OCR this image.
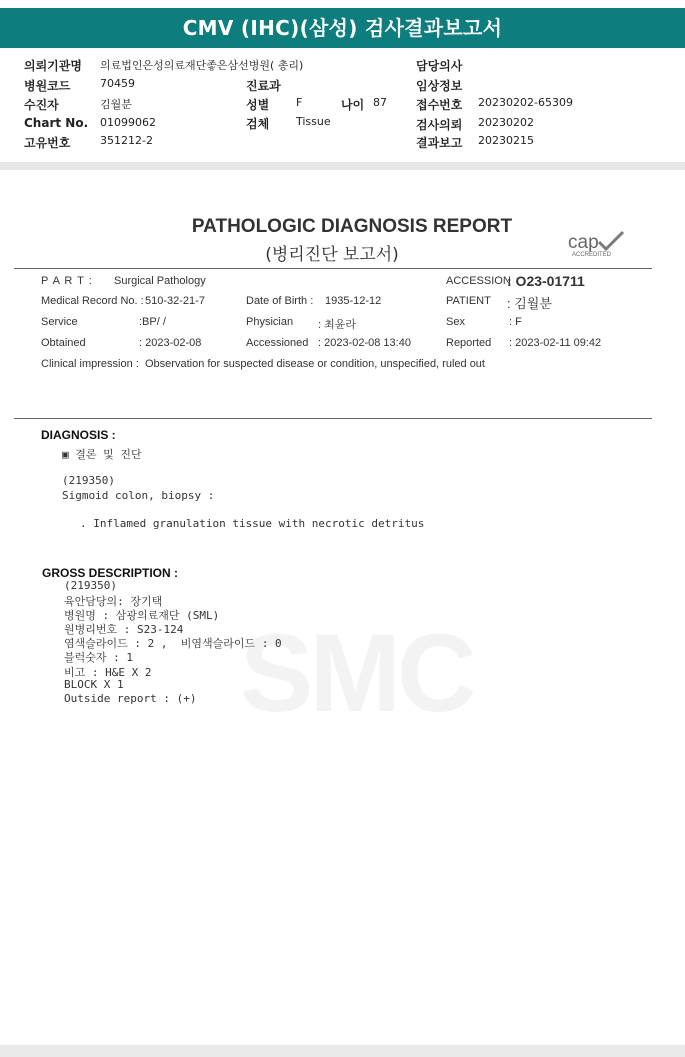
CMV (IHC)(삼성) 검사결과보고서
의뢰기관명 의료법인은성의료재단좋은삼선병원( 총리)	담당의사
병원코드	70459	진료과	임상정보
수진자	김월분	성별 F	나이 87 접수번호 20230202-65309
Chart No. 01099062	검체 Tissue	검사의뢰 20230202
고유번호	351212-2	결과보고 20230215
PATHOLOGIC DIAGNOSIS REPORT
(병리진단 보고서)
cap
ACCREDITED
P A R T : Surgical Pathology	ACCESSION
: O23-01711
Medical Record No. : 510-32-21-7	Date of Birth : 1935-12-12	PATIENT : 김월분
Service	:BP/ /	Physician : 최윤라	Sex	: F
Obtained	: 2023-02-08	Accessioned : 2023-02-08 13:40	Reported : 2023-02-11 09:42
Clinical impression : Observation for suspected disease or condition, unspecified, ruled out
SMC
DIAGNOSIS :
▣ 결론 및 진단
(219350)
Sigmoid colon, biopsy :
. Inflamed granulation tissue with necrotic detritus
GROSS DESCRIPTION :
(219350)
육안담당의: 장기택
병원명 : 삼광의료재단 (SML)
원병리번호 : S23-124
염색슬라이드 : 2 ,  비염색슬라이드 : 0
블럭숫자 : 1
비고 : H&E X 2
BLOCK X 1
Outside report : (+)
